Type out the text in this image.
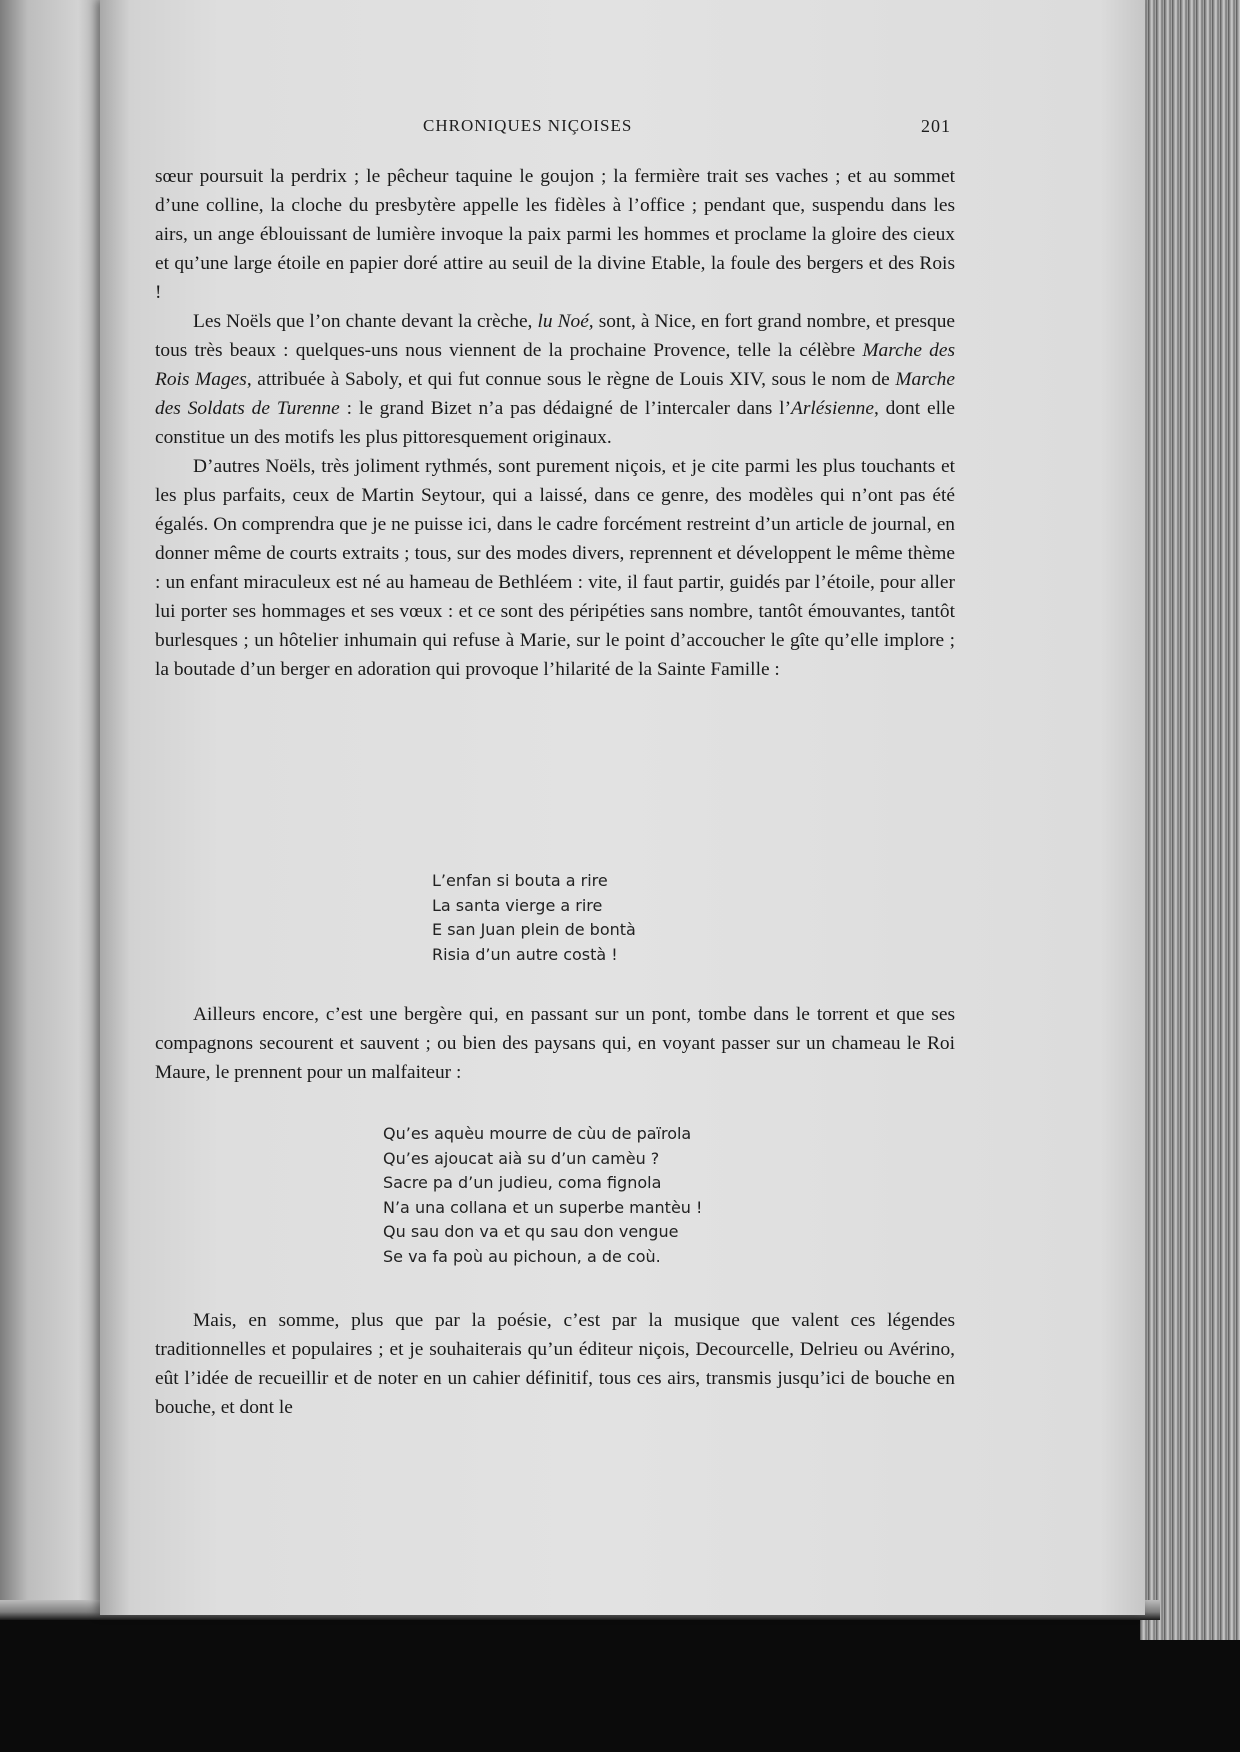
CHRONIQUES NIÇOISES	201

sœur poursuit la perdrix ; le pêcheur taquine le goujon ; la fermière trait ses vaches ; et au sommet d’une colline, la cloche du presbytère appelle les fidèles à l’office ; pendant que, suspendu dans les airs, un ange éblouissant de lumière invoque la paix parmi les hommes et proclame la gloire des cieux et qu’une large étoile en papier doré attire au seuil de la divine Etable, la foule des bergers et des Rois !

Les Noëls que l’on chante devant la crèche, lu Noé, sont, à Nice, en fort grand nombre, et presque tous très beaux : quelques-uns nous viennent de la prochaine Provence, telle la célèbre Marche des Rois Mages, attribuée à Saboly, et qui fut connue sous le règne de Louis XIV, sous le nom de Marche des Soldats de Turenne : le grand Bizet n’a pas dédaigné de l’intercaler dans l’Arlésienne, dont elle constitue un des motifs les plus pittoresquement originaux.

D’autres Noëls, très joliment rythmés, sont purement niçois, et je cite parmi les plus touchants et les plus parfaits, ceux de Martin Seytour, qui a laissé, dans ce genre, des modèles qui n’ont pas été égalés. On comprendra que je ne puisse ici, dans le cadre forcément restreint d’un article de journal, en donner même de courts extraits ; tous, sur des modes divers, reprennent et développent le même thème : un enfant miraculeux est né au hameau de Bethléem : vite, il faut partir, guidés par l’étoile, pour aller lui porter ses hommages et ses vœux : et ce sont des péripéties sans nombre, tantôt émouvantes, tantôt burlesques ; un hôtelier inhumain qui refuse à Marie, sur le point d’accoucher le gîte qu’elle implore ; la boutade d’un berger en adoration qui provoque l’hilarité de la Sainte Famille :

L’enfan si bouta a rire
La santa vierge a rire
E san Juan plein de bontà
Risia d’un autre costà !

Ailleurs encore, c’est une bergère qui, en passant sur un pont, tombe dans le torrent et que ses compagnons secourent et sauvent ; ou bien des paysans qui, en voyant passer sur un chameau le Roi Maure, le prennent pour un malfaiteur :

Qu’es aquèu mourre de cùu de païrola
Qu’es ajoucat aià su d’un camèu ?
Sacre pa d’un judieu, coma fignola
N’a una collana et un superbe mantèu !
Qu sau don va et qu sau don vengue
Se va fa poù au pichoun, a de coù.

Mais, en somme, plus que par la poésie, c’est par la musique que valent ces légendes traditionnelles et populaires ; et je souhaiterais qu’un éditeur niçois, Decourcelle, Delrieu ou Avérino, eût l’idée de recueillir et de noter en un cahier définitif, tous ces airs, transmis jusqu’ici de bouche en bouche, et dont le
